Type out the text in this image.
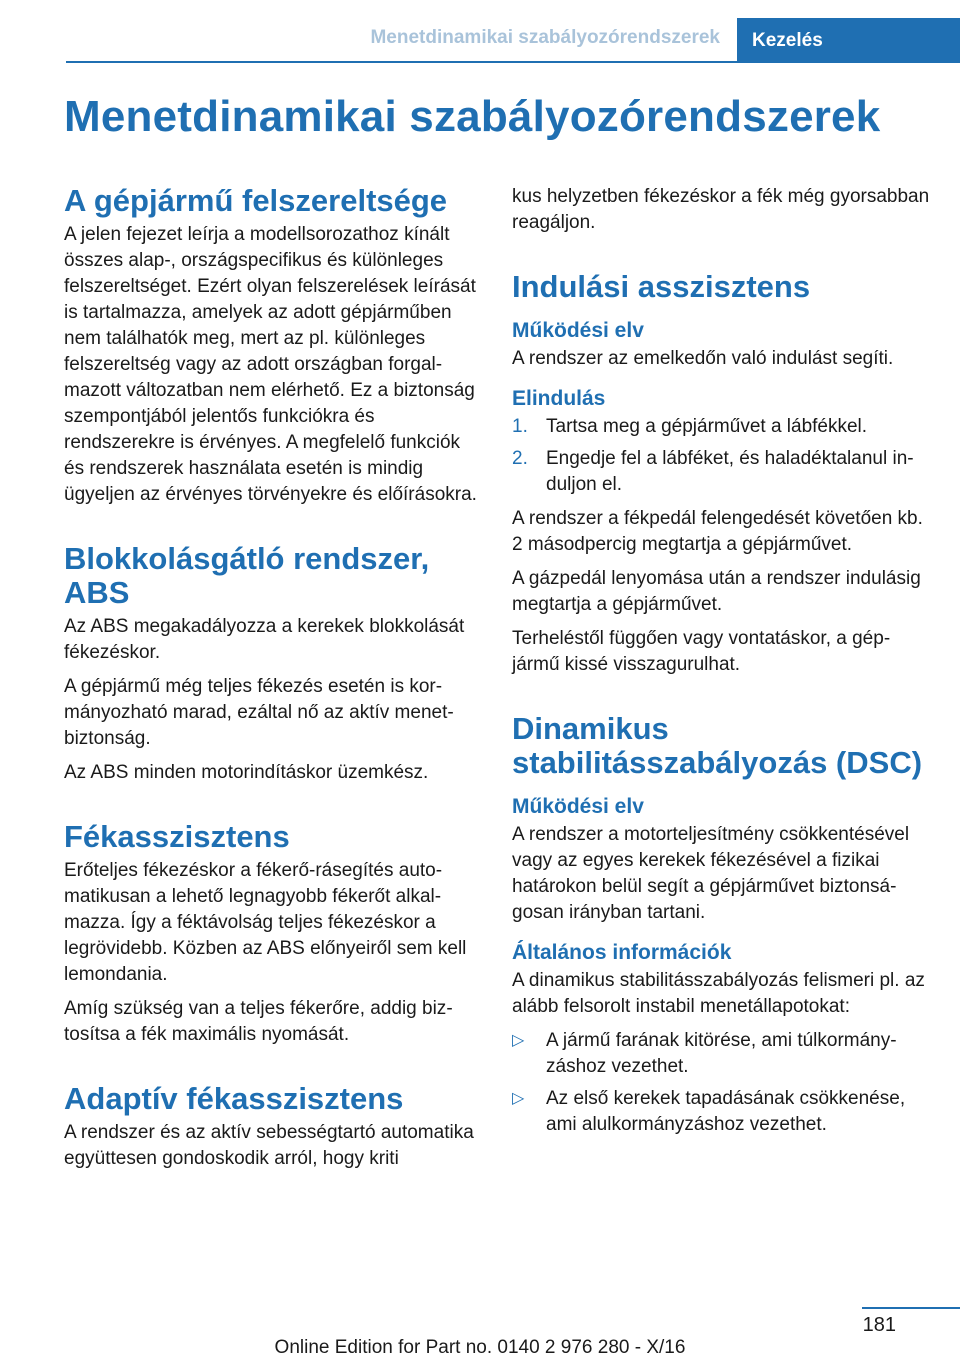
Menetdinamikai szabályozórendszerek Kezelés
Menetdinamikai szabályozórendszerek
A gépjármű felszereltsége

A jelen fejezet leírja a modellsorozathoz kínált összes alap-, országspecifikus és különleges felszereltséget. Ezért olyan felszerelések leírását is tartalmazza, amelyek az adott gépjárműben nem találhatók meg, mert az pl. különleges felszereltség vagy az adott országban forgalmazott változatban nem elérhető. Ez a biztonság szempontjából jelentős funkciókra és rendszerekre is érvényes. A megfelelő funkciók és rendszerek használata esetén is mindig ügyeljen az érvényes törvényekre és előírásokra.

Blokkolásgátló rendszer, ABS

Az ABS megakadályozza a kerekek blokkolását fékezéskor.

A gépjármű még teljes fékezés esetén is kormányozható marad, ezáltal nő az aktív menetbiztonság.

Az ABS minden motorindításkor üzemkész.

Fékasszisztens

Erőteljes fékezéskor a fékerő-rásegítés automatikusan a lehető legnagyobb fékerőt alkalmazza. Így a féktávolság teljes fékezéskor a legrövidebb. Közben az ABS előnyeiről sem kell lemondania.

Amíg szükség van a teljes fékerőre, addig biztosítsa a fék maximális nyomását.

Adaptív fékasszisztens

A rendszer és az aktív sebességtartó automatika együttesen gondoskodik arról, hogy kriti

kus helyzetben fékezéskor a fék még gyorsabban reagáljon.

Indulási asszisztens
Működési elv

A rendszer az emelkedőn való indulást segíti.

Elindulás
1. Tartsa meg a gépjárművet a lábfékkel.
2. Engedje fel a lábféket, és haladéktalanul induljon el.

A rendszer a fékpedál felengedését követően kb. 2 másodpercig megtartja a gépjárművet.

A gázpedál lenyomása után a rendszer indulásig megtartja a gépjárművet.

Terheléstől függően vagy vontatáskor, a gépjármű kissé visszagurulhat.

Dinamikus stabilitásszabályozás (DSC)
Működési elv

A rendszer a motorteljesítmény csökkentésével vagy az egyes kerekek fékezésével a fizikai határokon belül segít a gépjárművet biztonságosan irányban tartani.

Általános információk

A dinamikus stabilitásszabályozás felismeri pl. az alább felsorolt instabil menetállapotokat:

▷ A jármű farának kitörése, ami túlkormányzáshoz vezethet.
▷ Az első kerekek tapadásának csökkenése, ami alulkormányzáshoz vezethet.
181
Online Edition for Part no. 0140 2 976 280 - X/16
